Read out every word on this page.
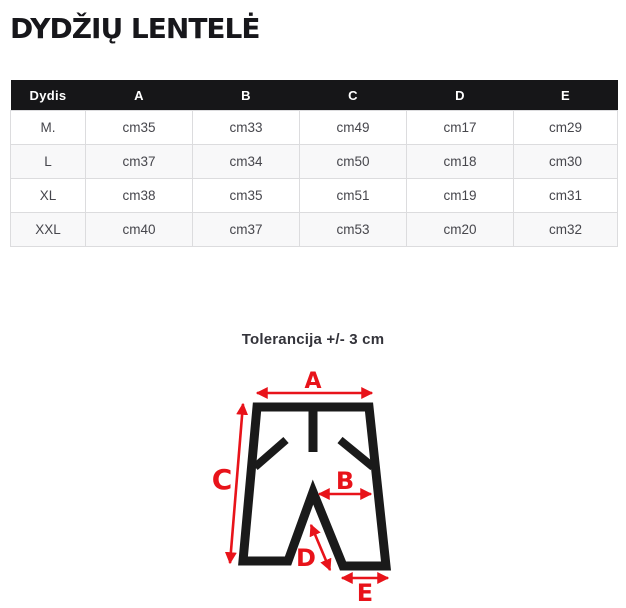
DYDŽIŲ LENTELĖ
Dydis	A	B	C	D	E
M.	cm35	cm33	cm49	cm17	cm29
L	cm37	cm34	cm50	cm18	cm30
XL	cm38	cm35	cm51	cm19	cm31
XXL	cm40	cm37	cm53	cm20	cm32
Tolerancija +/- 3 cm
A
B
C
D
E
